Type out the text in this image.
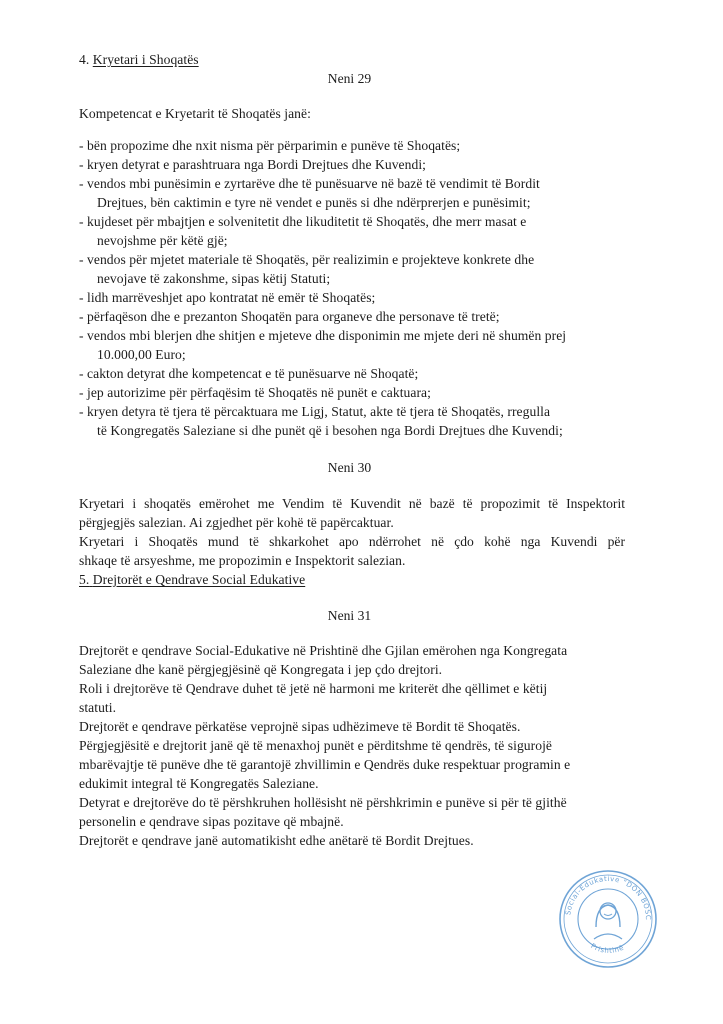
4. Kryetari i Shoqatës
Neni 29
Kompetencat e Kryetarit të Shoqatës janë:
- bën propozime dhe nxit nisma për përparimin e punëve të Shoqatës;
- kryen detyrat e parashtruara nga Bordi Drejtues dhe Kuvendi;
- vendos mbi punësimin e zyrtarëve dhe të punësuarve në bazë të vendimit të Bordit
Drejtues, bën caktimin e tyre në vendet e punës si dhe ndërprerjen e punësimit;
- kujdeset për mbajtjen e solvenitetit dhe likuditetit të Shoqatës, dhe merr masat e
nevojshme për këtë gjë;
- vendos për mjetet materiale të Shoqatës, për realizimin e projekteve konkrete dhe
nevojave të zakonshme, sipas këtij Statuti;
- lidh marrëveshjet apo kontratat në emër të Shoqatës;
- përfaqëson dhe e prezanton Shoqatën para organeve dhe personave të tretë;
- vendos mbi blerjen dhe shitjen e mjeteve dhe disponimin me mjete deri në shumën prej
10.000,00 Euro;
- cakton detyrat dhe kompetencat e të punësuarve në Shoqatë;
- jep autorizime për përfaqësim të Shoqatës në punët e caktuara;
- kryen detyra të tjera të përcaktuara me Ligj, Statut, akte të tjera të Shoqatës, rregulla
të Kongregatës Saleziane si dhe punët që i besohen nga Bordi Drejtues dhe Kuvendi;
Neni 30
Kryetari i shoqatës emërohet me Vendim të Kuvendit në bazë të propozimit të Inspektorit
përgjegjës salezian. Ai zgjedhet për kohë të papërcaktuar.
Kryetari i Shoqatës mund të shkarkohet apo ndërrohet në çdo kohë nga Kuvendi për
shkaqe të arsyeshme, me propozimin e Inspektorit salezian.
5. Drejtorët e Qendrave Social Edukative
Neni 31
Drejtorët e qendrave Social-Edukative në Prishtinë dhe Gjilan emërohen nga Kongregata
Saleziane dhe kanë përgjegjësinë që Kongregata i jep çdo drejtori.
Roli i drejtorëve të Qendrave duhet të jetë në harmoni me kriterët dhe qëllimet e këtij
statuti.
Drejtorët e qendrave përkatëse veprojnë sipas udhëzimeve të Bordit të Shoqatës.
Përgjegjësitë e drejtorit janë që të menaxhoj punët e përditshme të qendrës, të sigurojë
mbarëvajtje të punëve dhe të garantojë zhvillimin e Qendrës duke respektuar programin e
edukimit integral të Kongregatës Saleziane.
Detyrat e drejtorëve do të përshkruhen hollësisht në përshkrimin e punëve si për të gjithë
personelin e qendrave sipas pozitave që mbajnë.
Drejtorët e qendrave janë automatikisht edhe anëtarë të Bordit Drejtues.
Social-Edukative "DON BOSC
Prishtinë
